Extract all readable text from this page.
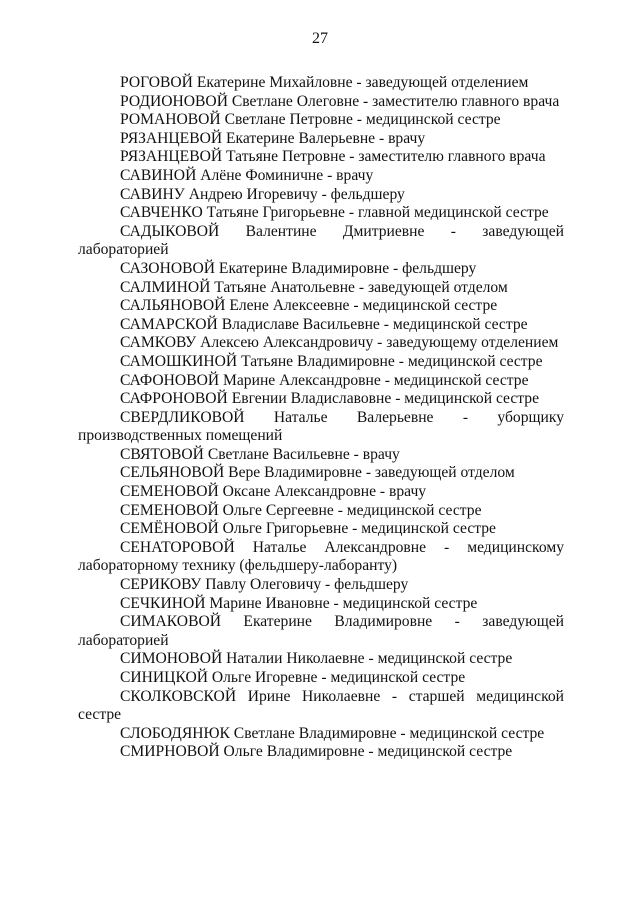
27

РОГОВОЙ Екатерине Михайловне - заведующей отделением

РОДИОНОВОЙ Светлане Олеговне - заместителю главного врача

РОМАНОВОЙ Светлане Петровне - медицинской сестре

РЯЗАНЦЕВОЙ Екатерине Валерьевне - врачу

РЯЗАНЦЕВОЙ Татьяне Петровне - заместителю главного врача

САВИНОЙ Алёне Фоминичне - врачу

САВИНУ Андрею Игоревичу - фельдшеру

САВЧЕНКО Татьяне Григорьевне - главной медицинской сестре

САДЫКОВОЙ Валентине Дмитриевне - заведующей лабораторией

САЗОНОВОЙ Екатерине Владимировне - фельдшеру

САЛМИНОЙ Татьяне Анатольевне - заведующей отделом

САЛЬЯНОВОЙ Елене Алексеевне - медицинской сестре

САМАРСКОЙ Владиславе Васильевне - медицинской сестре

САМКОВУ Алексею Александровичу - заведующему отделением

САМОШКИНОЙ Татьяне Владимировне - медицинской сестре

САФОНОВОЙ Марине Александровне - медицинской сестре

САФРОНОВОЙ Евгении Владиславовне - медицинской сестре

СВЕРДЛИКОВОЙ Наталье Валерьевне - уборщику производственных помещений

СВЯТОВОЙ Светлане Васильевне - врачу

СЕЛЬЯНОВОЙ Вере Владимировне - заведующей отделом

СЕМЕНОВОЙ Оксане Александровне - врачу

СЕМЕНОВОЙ Ольге Сергеевне - медицинской сестре

СЕМЁНОВОЙ Ольге Григорьевне - медицинской сестре

СЕНАТОРОВОЙ Наталье Александровне - медицинскому лабораторному технику (фельдшеру-лаборанту)

СЕРИКОВУ Павлу Олеговичу - фельдшеру

СЕЧКИНОЙ Марине Ивановне - медицинской сестре

СИМАКОВОЙ Екатерине Владимировне - заведующей лабораторией

СИМОНОВОЙ Наталии Николаевне - медицинской сестре

СИНИЦКОЙ Ольге Игоревне - медицинской сестре

СКОЛКОВСКОЙ Ирине Николаевне - старшей медицинской сестре

СЛОБОДЯНЮК Светлане Владимировне - медицинской сестре

СМИРНОВОЙ Ольге Владимировне - медицинской сестре
